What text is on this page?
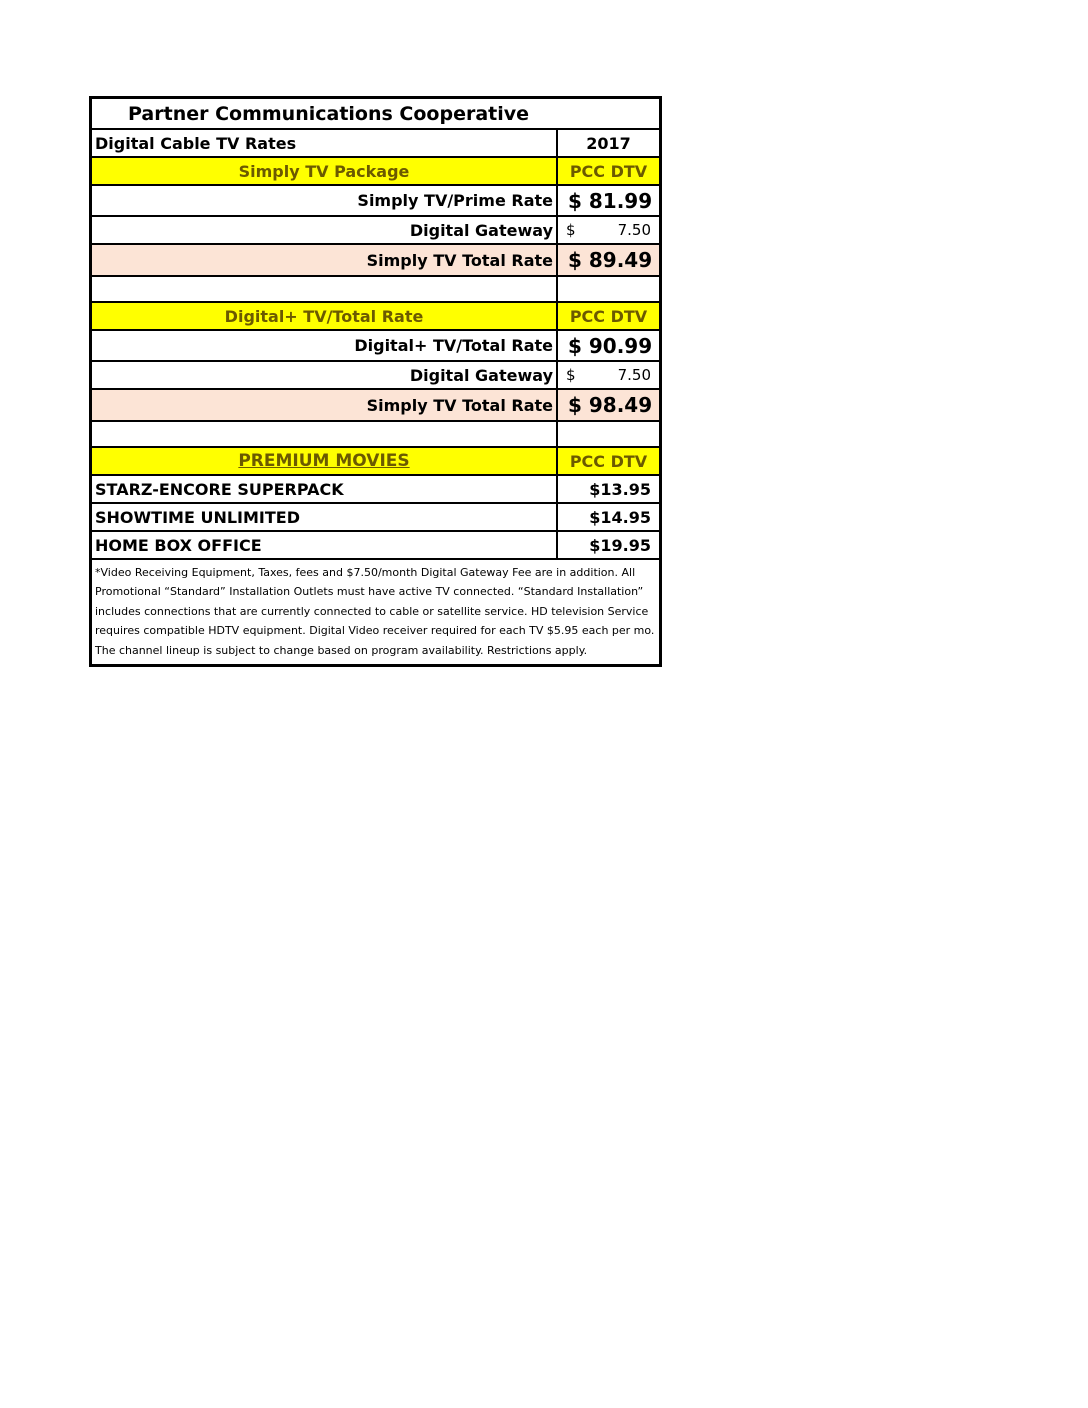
Partner Communications Cooperative
Digital Cable TV Rates	2017
Simply TV Package	PCC DTV
Simply TV/Prime Rate $ 81.99
Digital Gateway $	7.50
Simply TV Total Rate $ 89.49
Digital+ TV/Total Rate	PCC DTV
Digital+ TV/Total Rate $ 90.99
Digital Gateway $	7.50
Simply TV Total Rate $ 98.49
PREMIUM MOVIES	PCC DTV
STARZ-ENCORE SUPERPACK	$13.95
SHOWTIME UNLIMITED	$14.95
HOME BOX OFFICE	$19.95
*Video Receiving Equipment, Taxes, fees and $7.50/month Digital Gateway Fee are in addition. All Promotional “Standard” Installation Outlets must have active TV connected. “Standard Installation” includes connections that are currently connected to cable or satellite service. HD television Service requires compatible HDTV equipment. Digital Video receiver required for each TV $5.95 each per mo. The channel lineup is subject to change based on program availability. Restrictions apply.
